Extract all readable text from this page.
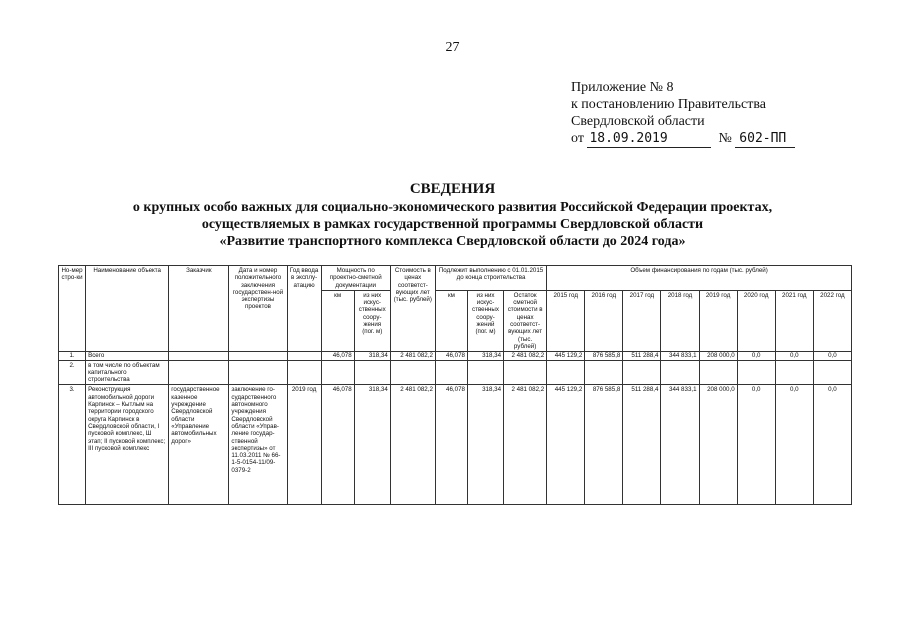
27
Приложение № 8
к постановлению Правительства
Свердловской области
от 18.09.2019	№ 602-ПП
СВЕДЕНИЯ
о крупных особо важных для социально-экономического развития Российской Федерации проектах,
осуществляемых в рамках государственной программы Свердловской области
«Развитие транспортного комплекса Свердловской области до 2024 года»
Но-мер стро-ки	Наименование объекта	Заказчик	Дата и номер положительного заключения государствен-ной экспертизы проектов	Год ввода в эксплу-атацию	Мощность по проектно-сметной документации		Стоимость в ценах соответст-вующих лет (тыс. рублей)	Подлежит выполнению с 01.01.2015 до конца строительства			Объем финансирования по годам (тыс. рублей)							
					км	из них искус-ственных соору-жения (пог. м)		км	из них искус-ственных соору-жений (пог. м)	Остаток сметной стоимости в ценах соответст-вующих лет (тыс. рублей)	2015 год	2016 год	2017 год	2018 год	2019 год	2020 год	2021 год	2022 год
1.	Всего				46,078	318,34	2 481 082,2	46,078	318,34	2 481 082,2	445 129,2	876 585,8	511 288,4	344 833,1	208 000,0	0,0	0,0	0,0
2.	в том числе по объектам капитального строительства																	
3.	Реконструкция автомобильной дороги Карпинск – Кытлым на территории городского округа Карпинск в Свердловской области, I пусковой комплекс, Ш этап; II пусковой комплекс; III пусковой комплекс	государственное казенное учреждение Свердловской области «Управление автомобильных дорог»	заключение го-сударственного автономного учреждения Свердловской области «Управ-ление государ-ственной экспертизы» от 11.03.2011 № 66-1-5-0154-11/09-0379-2	2019 год	46,078	318,34	2 481 082,2	46,078	318,34	2 481 082,2	445 129,2	876 585,8	511 288,4	344 833,1	208 000,0	0,0	0,0	0,0
